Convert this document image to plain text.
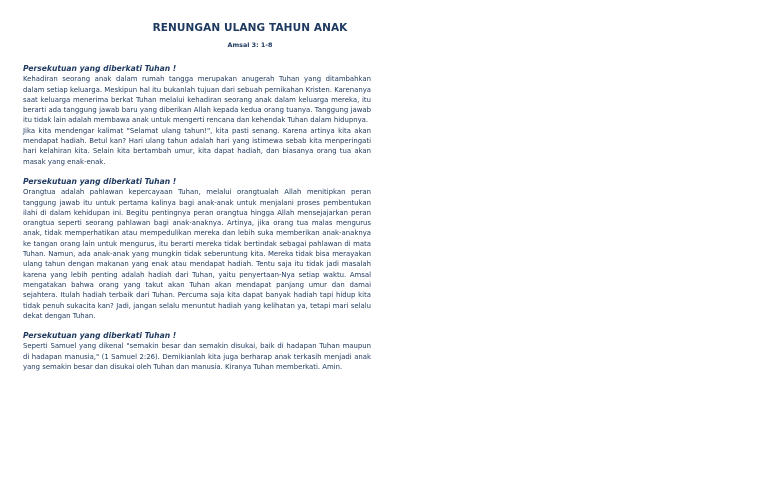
RENUNGAN ULANG TAHUN ANAK
Amsal 3: 1-8
Persekutuan yang diberkati Tuhan !

Kehadiran seorang anak dalam rumah tangga merupakan anugerah Tuhan yang ditambahkan dalam setiap keluarga. Meskipun hal itu bukanlah tujuan dari sebuah pernikahan Kristen. Karenanya saat keluarga menerima berkat Tuhan melalui kehadiran seorang anak dalam keluarga mereka, itu berarti ada tanggung jawab baru yang diberikan Allah kepada kedua orang tuanya. Tanggung jawab itu tidak lain adalah membawa anak untuk mengerti rencana dan kehendak Tuhan dalam hidupnya.

Jika kita mendengar kalimat "Selamat ulang tahun!", kita pasti senang. Karena artinya kita akan mendapat hadiah. Betul kan? Hari ulang tahun adalah hari yang istimewa sebab kita menperingati hari kelahiran kita. Selain kita bertambah umur, kita dapat hadiah, dan biasanya orang tua akan masak yang enak-enak.

Persekutuan yang diberkati Tuhan !

Orangtua adalah pahlawan kepercayaan Tuhan, melalui orangtualah Allah menitipkan peran tanggung jawab itu untuk pertama kalinya bagi anak-anak untuk menjalani proses pembentukan ilahi di dalam kehidupan ini. Begitu pentingnya peran orangtua hingga Allah mensejajarkan peran orangtua seperti seorang pahlawan bagi anak-anaknya. Artinya, jika orang tua malas mengurus anak, tidak memperhatikan atau mempedulikan mereka dan lebih suka memberikan anak-anaknya ke tangan orang lain untuk mengurus, itu berarti mereka tidak bertindak sebagai pahlawan di mata Tuhan. Namun, ada anak-anak yang mungkin tidak seberuntung kita. Mereka tidak bisa merayakan ulang tahun dengan makanan yang enak atau mendapat hadiah. Tentu saja itu tidak jadi masalah karena yang lebih penting adalah hadiah dari Tuhan, yaitu penyertaan-Nya setiap waktu. Amsal mengatakan bahwa orang yang takut akan Tuhan akan mendapat panjang umur dan damai sejahtera. Itulah hadiah terbaik dari Tuhan. Percuma saja kita dapat banyak hadiah tapi hidup kita tidak penuh sukacita kan? Jadi, jangan selalu menuntut hadiah yang kelihatan ya, tetapi mari selalu dekat dengan Tuhan.

Persekutuan yang diberkati Tuhan !

Seperti Samuel yang dikenal "semakin besar dan semakin disukai, baik di hadapan Tuhan maupun di hadapan manusia," (1 Samuel 2:26). Demikianlah kita juga berharap anak terkasih menjadi anak yang semakin besar dan disukai oleh Tuhan dan manusia. Kiranya Tuhan memberkati. Amin.
